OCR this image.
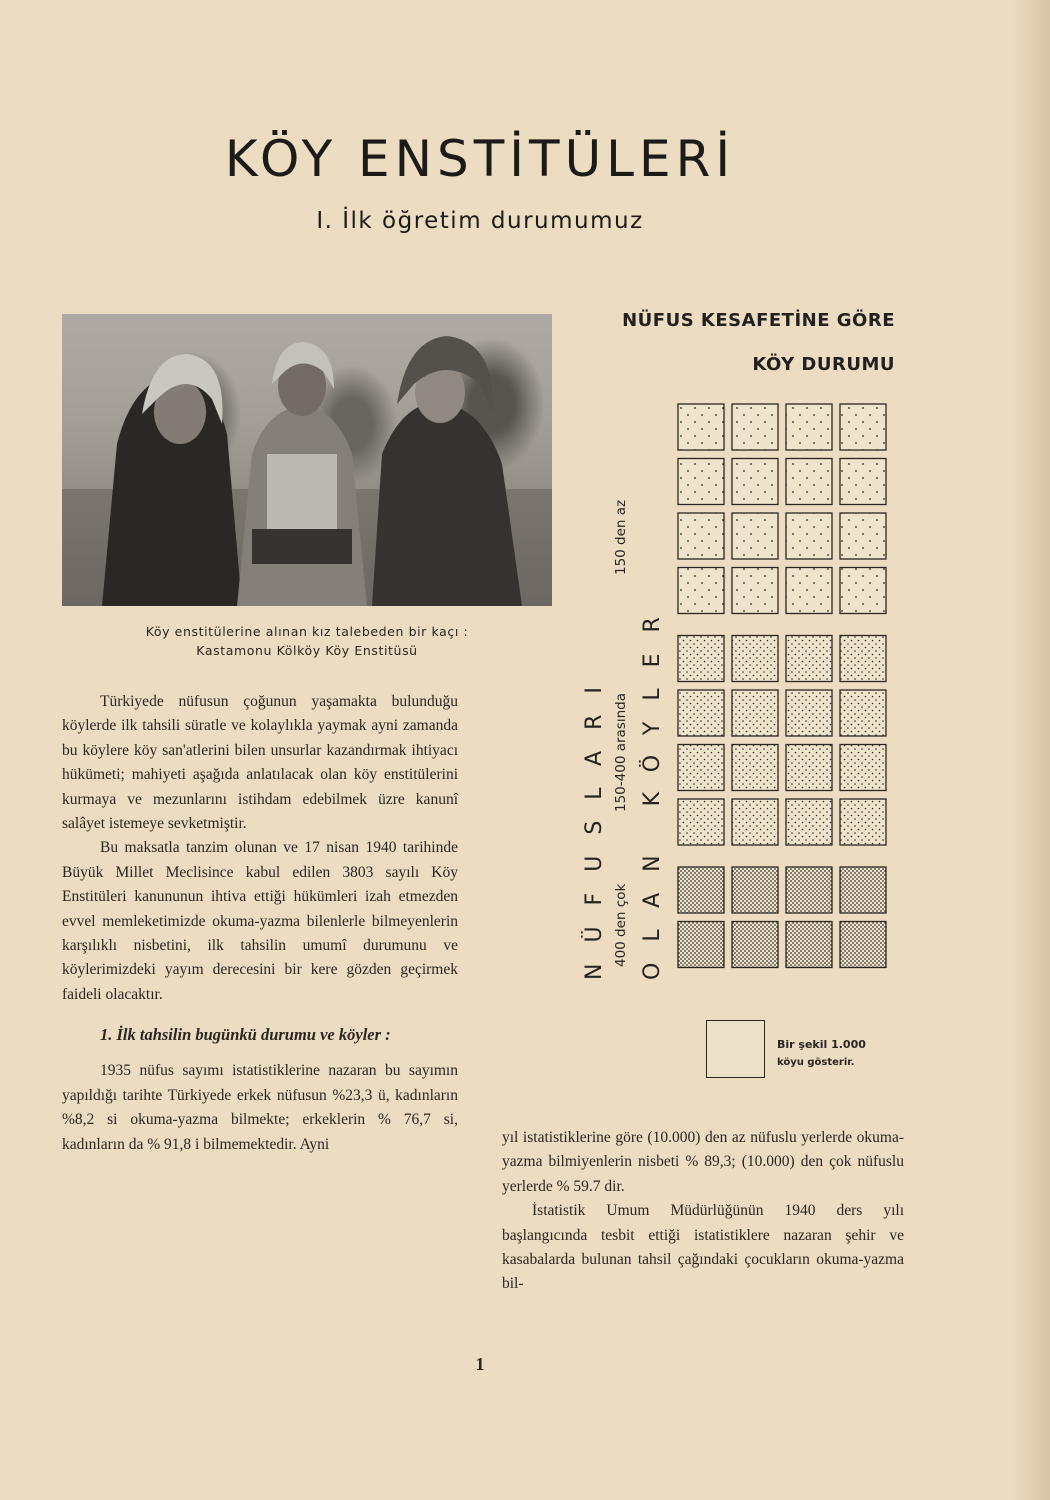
KÖY ENSTİTÜLERİ
I. İlk öğretim durumumuz
Köy enstitülerine alınan kız talebeden bir kaçı :
Kastamonu Kölköy Köy Enstitüsü

Türkiyede nüfusun çoğunun yaşamakta bulunduğu köylerde ilk tahsili süratle ve kolaylıkla yaymak ayni zamanda bu köylere köy san'atlerini bilen unsurlar kazandırmak ihtiyacı hükümeti; mahiyeti aşağıda anlatılacak olan köy enstitülerini kurmaya ve mezunlarını istihdam edebilmek üzre kanunî salâyet istemeye sevketmiştir.

Bu maksatla tanzim olunan ve 17 nisan 1940 tarihinde Büyük Millet Meclisince kabul edilen 3803 sayılı Köy Enstitüleri kanununun ihtiva ettiği hükümleri izah etmezden evvel memleketimizde okuma-yazma bilenlerle bilmeyenlerin karşılıklı nisbetini, ilk tahsilin umumî durumunu ve köylerimizdeki yayım derecesini bir kere gözden geçirmek faideli olacaktır.

1. İlk tahsilin bugünkü durumu ve köyler :

1935 nüfus sayımı istatistiklerine nazaran bu sayımın yapıldığı tarihte Türkiyede erkek nüfusun %23,3 ü, kadınların %8,2 si okuma-yazma bilmekte; erkeklerin % 76,7 si, kadınların da % 91,8 i bilmemektedir. Ayni	yıl istatistiklerine göre (10.000) den az nüfuslu yerlerde okuma-yazma bilmiyenlerin nisbeti % 89,3; (10.000) den çok nüfuslu yerlerde % 59.7 dir.

İstatistik Umum Müdürlüğünün 1940 ders yılı başlangıcında tesbit ettiği istatistiklere nazaran şehir ve kasabalarda bulunan tahsil çağındaki çocukların okuma-yazma bil-

1
NÜFUS KESAFETİNE GÖRE
KÖY DURUMU
NÜFUSLARI OLAN KÖYLER
150 den az
150-400 arasında
400 den çok
Bir şekil 1.000
köyu gösterir.
